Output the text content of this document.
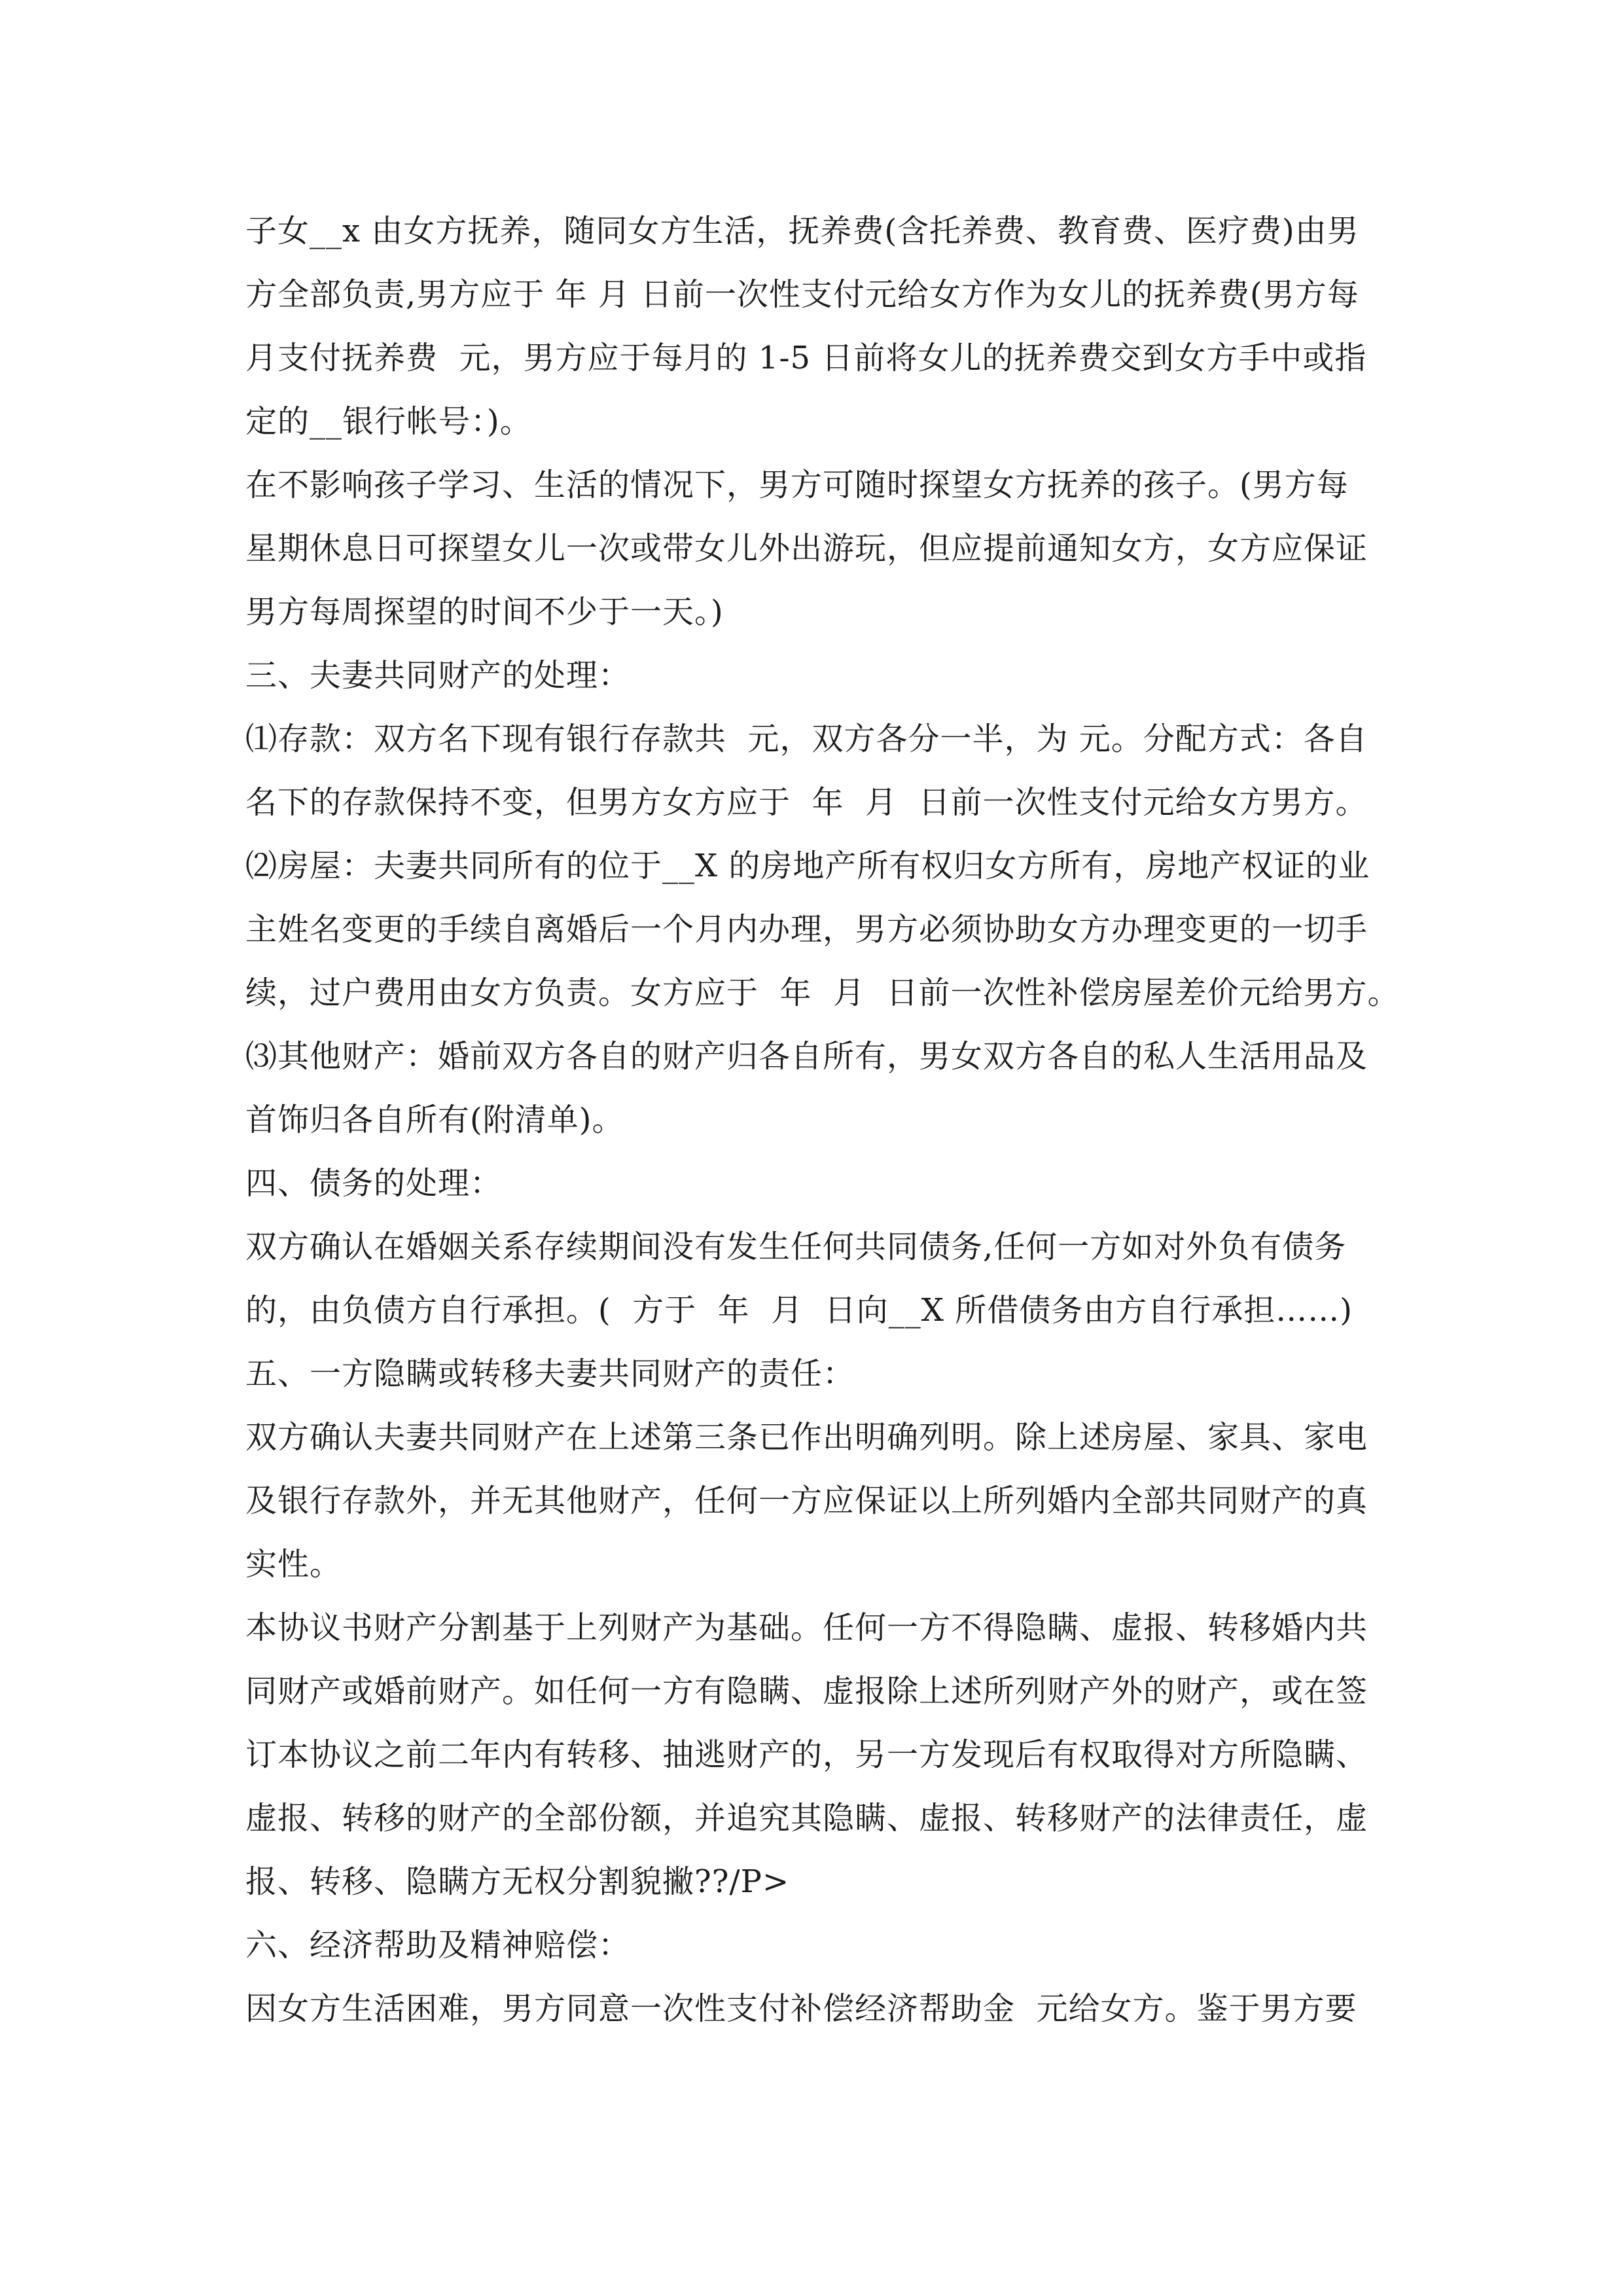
子女__x 由女方抚养，随同女方生活，抚养费(含托养费、教育费、医疗费)由男

方全部负责,男方应于 年 月 日前一次性支付元给女方作为女儿的抚养费(男方每

月支付抚养费  元，男方应于每月的 1-5 日前将女儿的抚养费交到女方手中或指

定的__银行帐号：)。

在不影响孩子学习、生活的情况下，男方可随时探望女方抚养的孩子。(男方每

星期休息日可探望女儿一次或带女儿外出游玩，但应提前通知女方，女方应保证

男方每周探望的时间不少于一天。)

三、夫妻共同财产的处理：

⑴存款：双方名下现有银行存款共  元，双方各分一半，为 元。分配方式：各自

名下的存款保持不变，但男方女方应于  年  月  日前一次性支付元给女方男方。

⑵房屋：夫妻共同所有的位于__X 的房地产所有权归女方所有，房地产权证的业

主姓名变更的手续自离婚后一个月内办理，男方必须协助女方办理变更的一切手

续，过户费用由女方负责。女方应于  年  月  日前一次性补偿房屋差价元给男方。

⑶其他财产：婚前双方各自的财产归各自所有，男女双方各自的私人生活用品及

首饰归各自所有(附清单)。

四、债务的处理：

双方确认在婚姻关系存续期间没有发生任何共同债务,任何一方如对外负有债务

的，由负债方自行承担。(  方于  年  月  日向__X 所借债务由方自行承担……)

五、一方隐瞒或转移夫妻共同财产的责任：

双方确认夫妻共同财产在上述第三条已作出明确列明。除上述房屋、家具、家电

及银行存款外，并无其他财产，任何一方应保证以上所列婚内全部共同财产的真

实性。

本协议书财产分割基于上列财产为基础。任何一方不得隐瞒、虚报、转移婚内共

同财产或婚前财产。如任何一方有隐瞒、虚报除上述所列财产外的财产，或在签

订本协议之前二年内有转移、抽逃财产的，另一方发现后有权取得对方所隐瞒、

虚报、转移的财产的全部份额，并追究其隐瞒、虚报、转移财产的法律责任，虚

报、转移、隐瞒方无权分割貌撇??/P>

六、经济帮助及精神赔偿：

因女方生活困难，男方同意一次性支付补偿经济帮助金  元给女方。鉴于男方要
